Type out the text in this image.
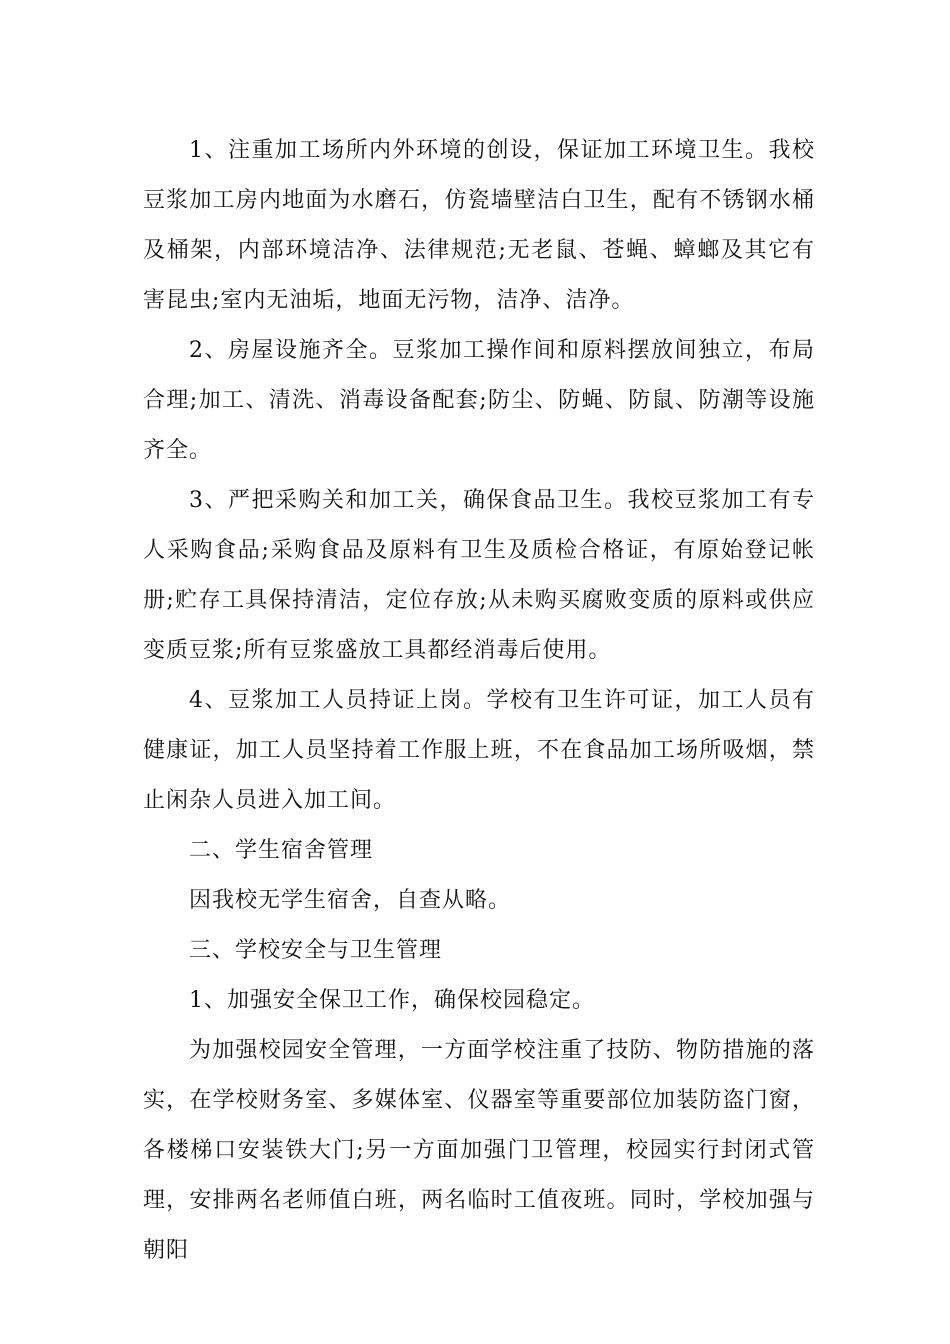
1、注重加工场所内外环境的创设，保证加工环境卫生。我校豆浆加工房内地面为水磨石，仿瓷墙壁洁白卫生，配有不锈钢水桶及桶架，内部环境洁净、法律规范;无老鼠、苍蝇、蟑螂及其它有害昆虫;室内无油垢，地面无污物，洁净、洁净。

2、房屋设施齐全。豆浆加工操作间和原料摆放间独立，布局合理;加工、清洗、消毒设备配套;防尘、防蝇、防鼠、防潮等设施齐全。

3、严把采购关和加工关，确保食品卫生。我校豆浆加工有专人采购食品;采购食品及原料有卫生及质检合格证，有原始登记帐册;贮存工具保持清洁，定位存放;从未购买腐败变质的原料或供应变质豆浆;所有豆浆盛放工具都经消毒后使用。

4、豆浆加工人员持证上岗。学校有卫生许可证，加工人员有健康证，加工人员坚持着工作服上班，不在食品加工场所吸烟，禁止闲杂人员进入加工间。

二、学生宿舍管理

因我校无学生宿舍，自查从略。

三、学校安全与卫生管理

1、加强安全保卫工作，确保校园稳定。

为加强校园安全管理，一方面学校注重了技防、物防措施的落实，在学校财务室、多媒体室、仪器室等重要部位加装防盗门窗，各楼梯口安装铁大门;另一方面加强门卫管理，校园实行封闭式管理，安排两名老师值白班，两名临时工值夜班。同时，学校加强与朝阳
